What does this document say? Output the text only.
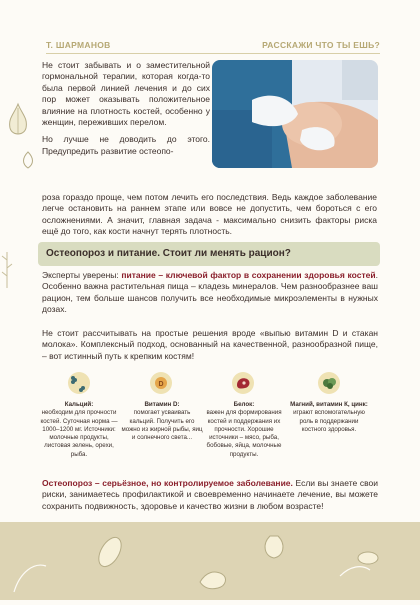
Т. ШАРМАНОВ	РАССКАЖИ ЧТО ТЫ ЕШЬ?
Не стоит забывать и о заместительной гормональной терапии, которая когда-то была первой линией лечения и до сих пор может оказывать положительное влияние на плотность костей, особенно у женщин, переживших перелом.
Но лучше не доводить до этого. Предупредить развитие остеопо-
роза гораздо проще, чем потом лечить его последствия. Ведь каждое заболевание легче остановить на раннем этапе или вовсе не допустить, чем бороться с его осложнениями. А значит, главная задача - максимально снизить факторы риска ещё до того, как кости начнут терять плотность.
Остеопороз и питание. Стоит ли менять рацион?
Эксперты уверены: питание – ключевой фактор в сохранении здоровья костей. Особенно важна растительная пища – кладезь минералов. Чем разнообразнее ваш рацион, тем больше шансов получить все необходимые микроэлементы в нужных дозах.
Не стоит рассчитывать на простые решения вроде «выпью витамин D и стакан молока». Комплексный подход, основанный на качественной, разнообразной пище, – вот истинный путь к крепким костям!
D
Кальций:
необходим для прочности костей. Суточная норма — 1000–1200 мг. Источники: молочные продукты, листовая зелень, орехи, рыба.
Витамин D:
помогает усваивать кальций. Получить его можно из жирной рыбы, яиц и солнечного света...
Белок:
важен для формирования костей и поддержания их прочности. Хорошие источники – мясо, рыба, бобовые, яйца, молочные продукты.
Магний, витамин К, цинк:
играют вспомогательную роль в поддержании костного здоровья.
Остеопороз – серьёзное, но контролируемое заболевание. Если вы знаете свои риски, занимаетесь профилактикой и своевременно начинаете лечение, вы можете сохранить подвижность, здоровье и качество жизни в любом возрасте!
